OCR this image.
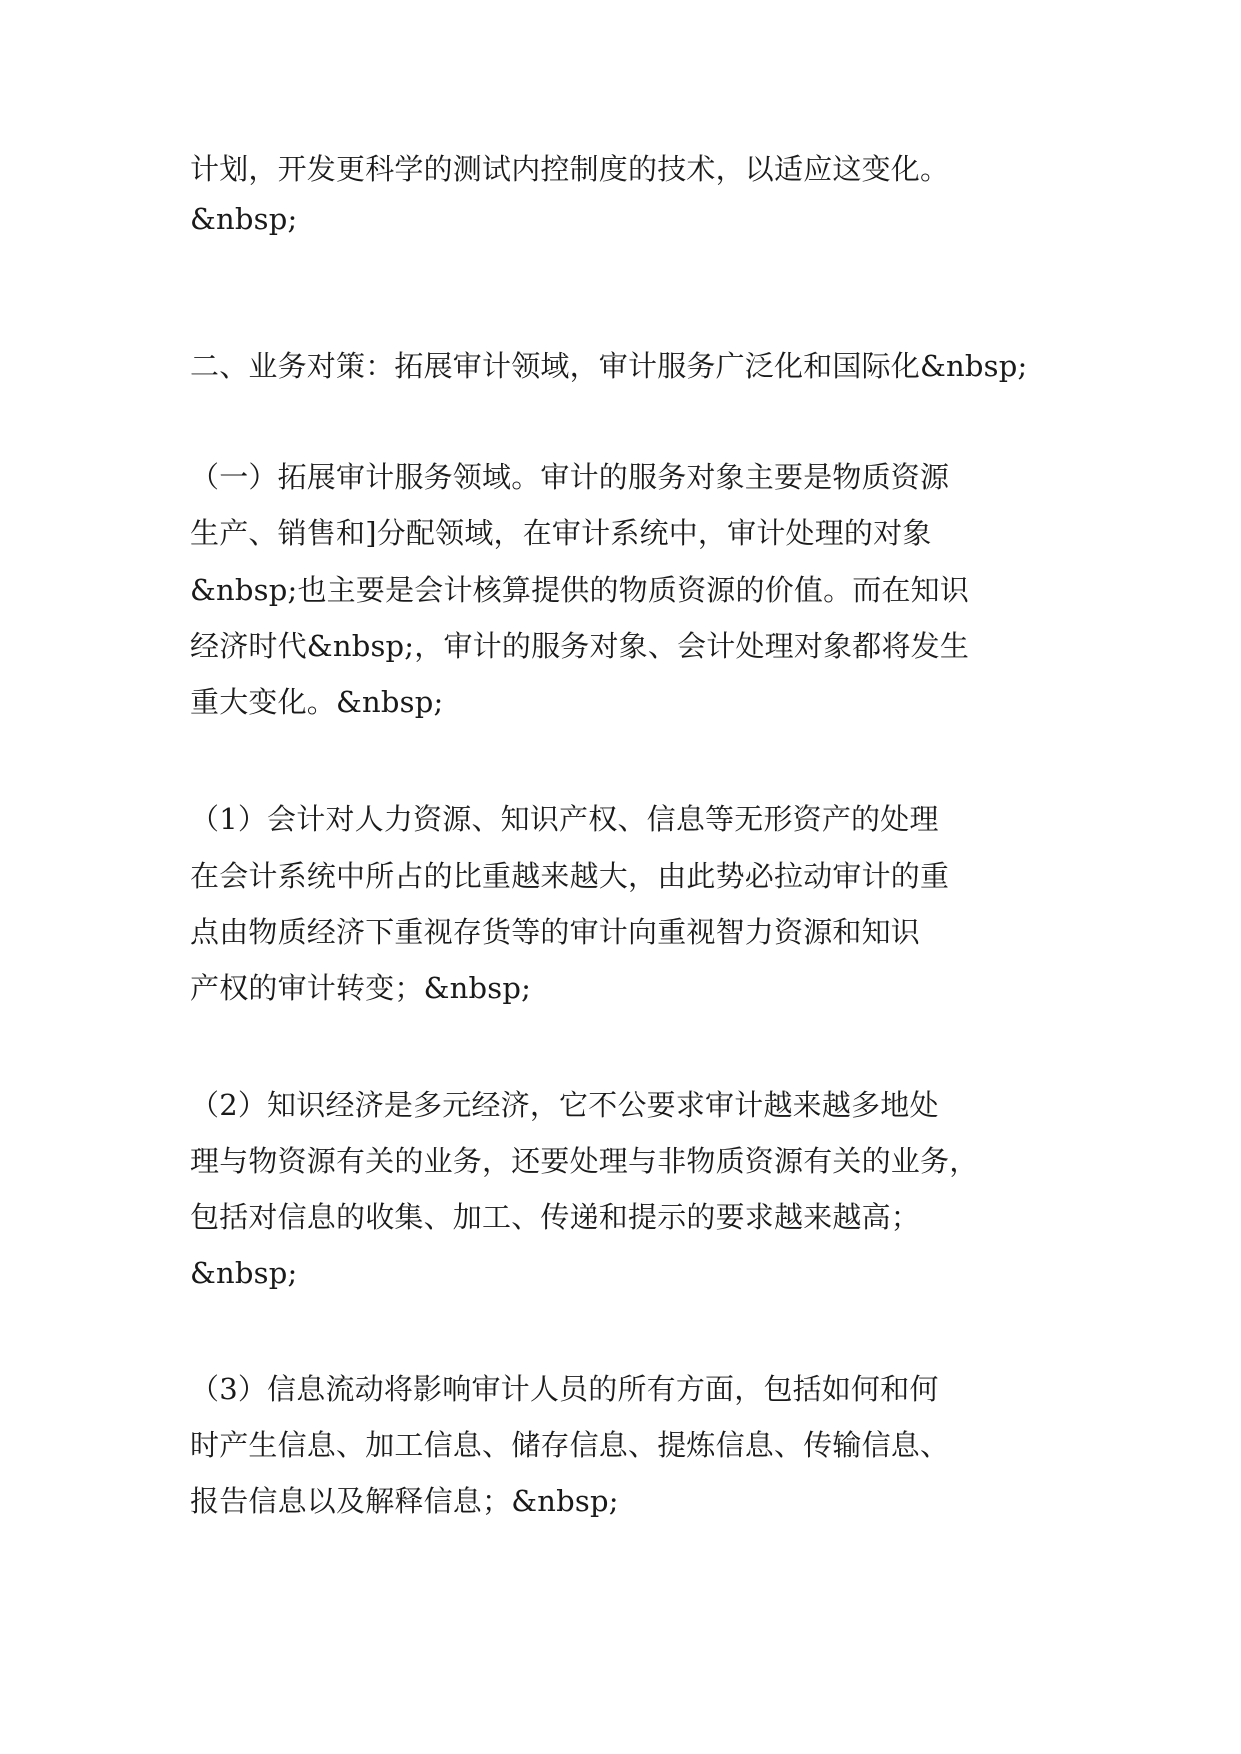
计划，开发更科学的测试内控制度的技术，以适应这变化。

&nbsp;

二、业务对策：拓展审计领域，审计服务广泛化和国际化&nbsp;

（一）拓展审计服务领域。审计的服务对象主要是物质资源

生产、销售和]分配领域，在审计系统中，审计处理的对象

&nbsp;也主要是会计核算提供的物质资源的价值。而在知识

经济时代&nbsp;，审计的服务对象、会计处理对象都将发生

重大变化。&nbsp;

（1）会计对人力资源、知识产权、信息等无形资产的处理

在会计系统中所占的比重越来越大，由此势必拉动审计的重

点由物质经济下重视存货等的审计向重视智力资源和知识

产权的审计转变；&nbsp;

（2）知识经济是多元经济，它不公要求审计越来越多地处

理与物资源有关的业务，还要处理与非物质资源有关的业务，

包括对信息的收集、加工、传递和提示的要求越来越高；

&nbsp;

（3）信息流动将影响审计人员的所有方面，包括如何和何

时产生信息、加工信息、储存信息、提炼信息、传输信息、

报告信息以及解释信息；&nbsp;
